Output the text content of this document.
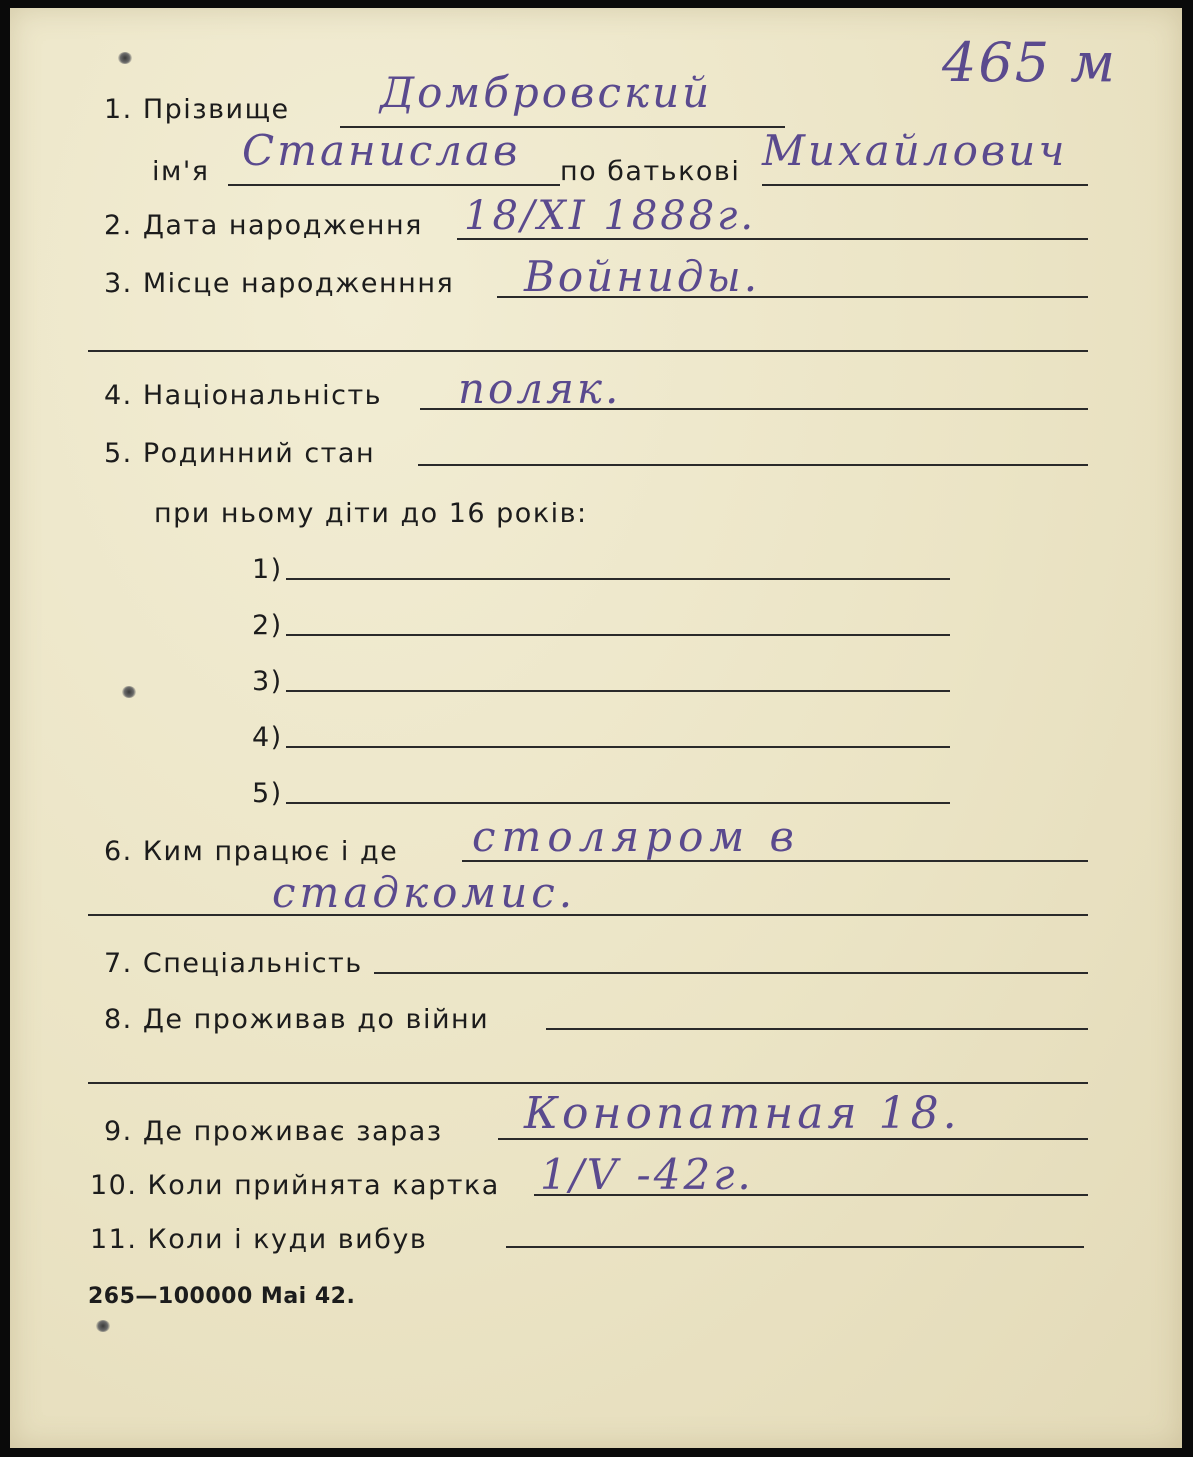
465 м
1. Прізвище Домбровский
ім'я Станислав по батькові Михайлович
2. Дата народження 18/XI 1888г.
3. Місце народженння Войниды.
4. Національність поляк.
5. Родинний стан
при ньому діти до 16 років:
1)
2)
3)
4)
5)
6. Ким працює і де столяром в
стадкомис.
7. Спеціальність
8. Де проживав до війни
9. Де проживає зараз Конопатная 18.
10. Коли прийнята картка 1/V -42г.
11. Коли і куди вибув
265—100000 Маі 42.
